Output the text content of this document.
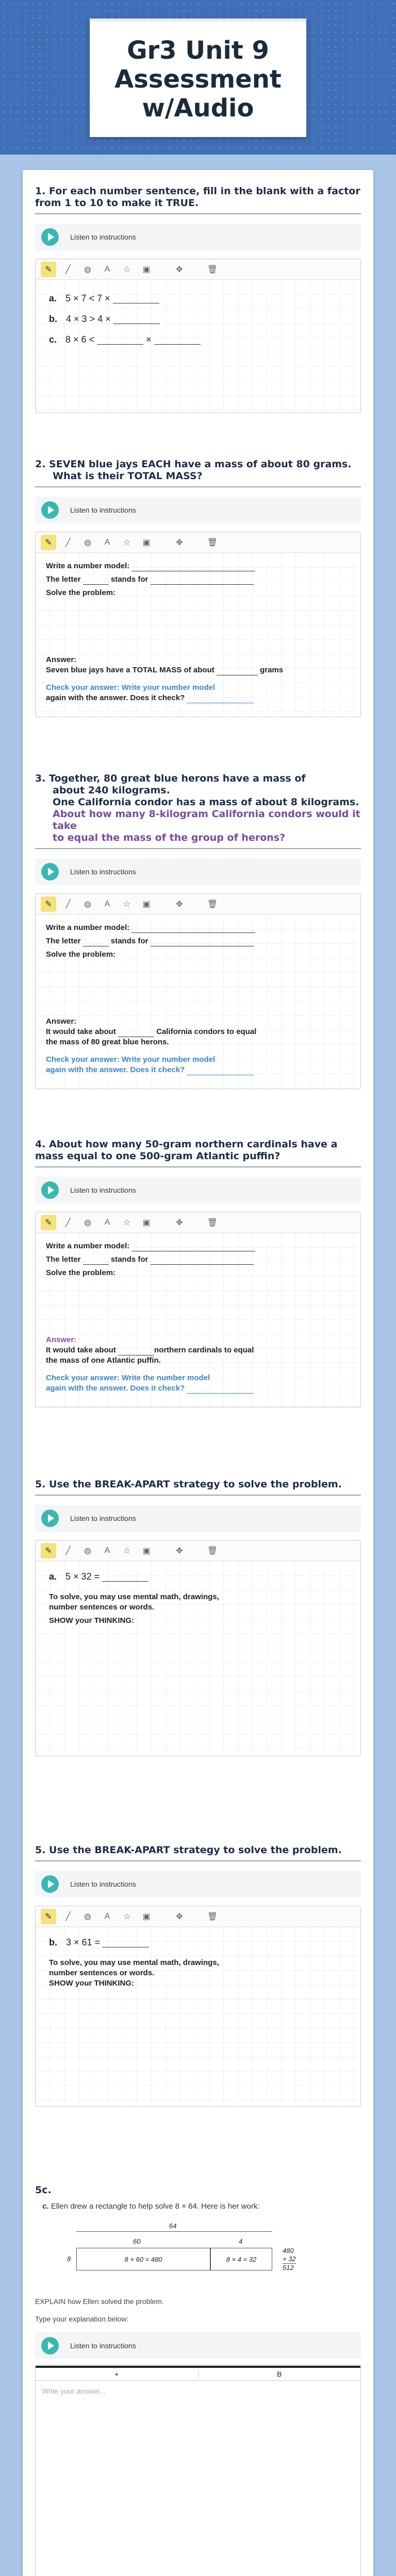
Gr3 Unit 9 Assessment w/Audio
1. For each number sentence, fill in the blank with a factor from 1 to 10 to make it TRUE.
Listen to instructions
✎	╱	◍	A	☆	▣	✥	🗑
a. 5 × 7 < 7 ×
b. 4 × 3 > 4 ×
c. 8 × 6 <	×
2. SEVEN blue jays EACH have a mass of about 80 grams.
What is their TOTAL MASS?
Listen to instructions
✎	╱	◍	A	☆	▣	✥	🗑
Write a number model:
The letter	stands for
Solve the problem:
Answer:
Seven blue jays have a TOTAL MASS of about	grams
Check your answer: Write your number model
again with the answer. Does it check?
3. Together, 80 great blue herons have a mass of
about 240 kilograms.
One California condor has a mass of about 8 kilograms.
About how many 8-kilogram California condors would it take
to equal the mass of the group of herons?
Listen to instructions
✎	╱	◍	A	☆	▣	✥	🗑
Write a number model:
The letter	stands for
Solve the problem:
Answer:
It would take about	California condors to equal
the mass of 80 great blue herons.
Check your answer: Write your number model
again with the answer. Does it check?
4. About how many 50-gram northern cardinals have a mass equal to one 500-gram Atlantic puffin?
Listen to instructions
✎	╱	◍	A	☆	▣	✥	🗑
Write a number model:
The letter	stands for
Solve the problem:
Answer:
It would take about	northern cardinals to equal
the mass of one Atlantic puffin.
Check your answer: Write the number model
again with the answer. Does it check?
5. Use the BREAK-APART strategy to solve the problem.
Listen to instructions
✎	╱	◍	A	☆	▣	✥	🗑
a. 5 × 32 =
To solve, you may use mental math, drawings,
number sentences or words.
SHOW your THINKING:
5. Use the BREAK-APART strategy to solve the problem.
Listen to instructions
✎	╱	◍	A	☆	▣	✥	🗑
b. 3 × 61 =
To solve, you may use mental math, drawings,
number sentences or words.
SHOW your THINKING:
5c.
c. Ellen drew a rectangle to help solve 8 × 64. Here is her work:
64
60	4
8	8 × 60 = 480	8 × 4 = 32
480
+ 32
512
EXPLAIN how Ellen solved the problem.
Type your explanation below:
Listen to instructions
+	B
Write your answer...
